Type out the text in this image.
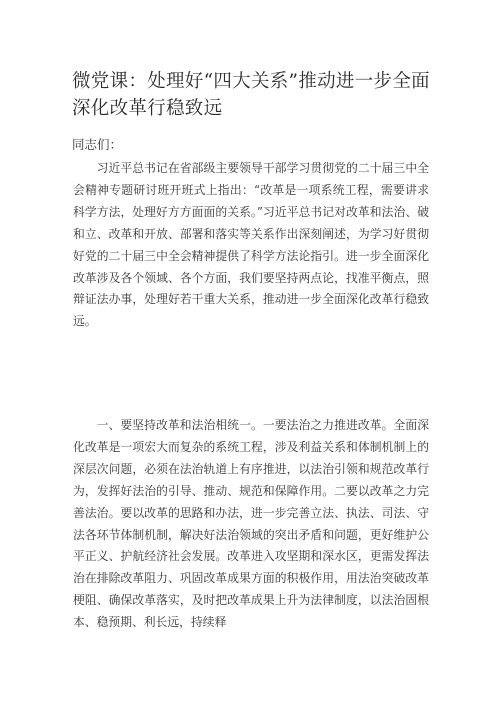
微党课：处理好“四大关系”推动进一步全面深化改革行稳致远

同志们：

习近平总书记在省部级主要领导干部学习贯彻党的二十届三中全会精神专题研讨班开班式上指出：“改革是一项系统工程，需要讲求科学方法，处理好方方面面的关系。”习近平总书记对改革和法治、破和立、改革和开放、部署和落实等关系作出深刻阐述，为学习好贯彻好党的二十届三中全会精神提供了科学方法论指引。进一步全面深化改革涉及各个领域、各个方面，我们要坚持两点论，找准平衡点，照辩证法办事，处理好若干重大关系，推动进一步全面深化改革行稳致远。

一、要坚持改革和法治相统一。一要法治之力推进改革。全面深化改革是一项宏大而复杂的系统工程，涉及利益关系和体制机制上的深层次问题，必须在法治轨道上有序推进，以法治引领和规范改革行为，发挥好法治的引导、推动、规范和保障作用。二要以改革之力完善法治。要以改革的思路和办法，进一步完善立法、执法、司法、守法各环节体制机制，解决好法治领域的突出矛盾和问题，更好维护公平正义、护航经济社会发展。改革进入攻坚期和深水区，更需发挥法治在排除改革阻力、巩固改革成果方面的积极作用，用法治突破改革梗阻、确保改革落实，及时把改革成果上升为法律制度，以法治固根本、稳预期、利长远，持续释
